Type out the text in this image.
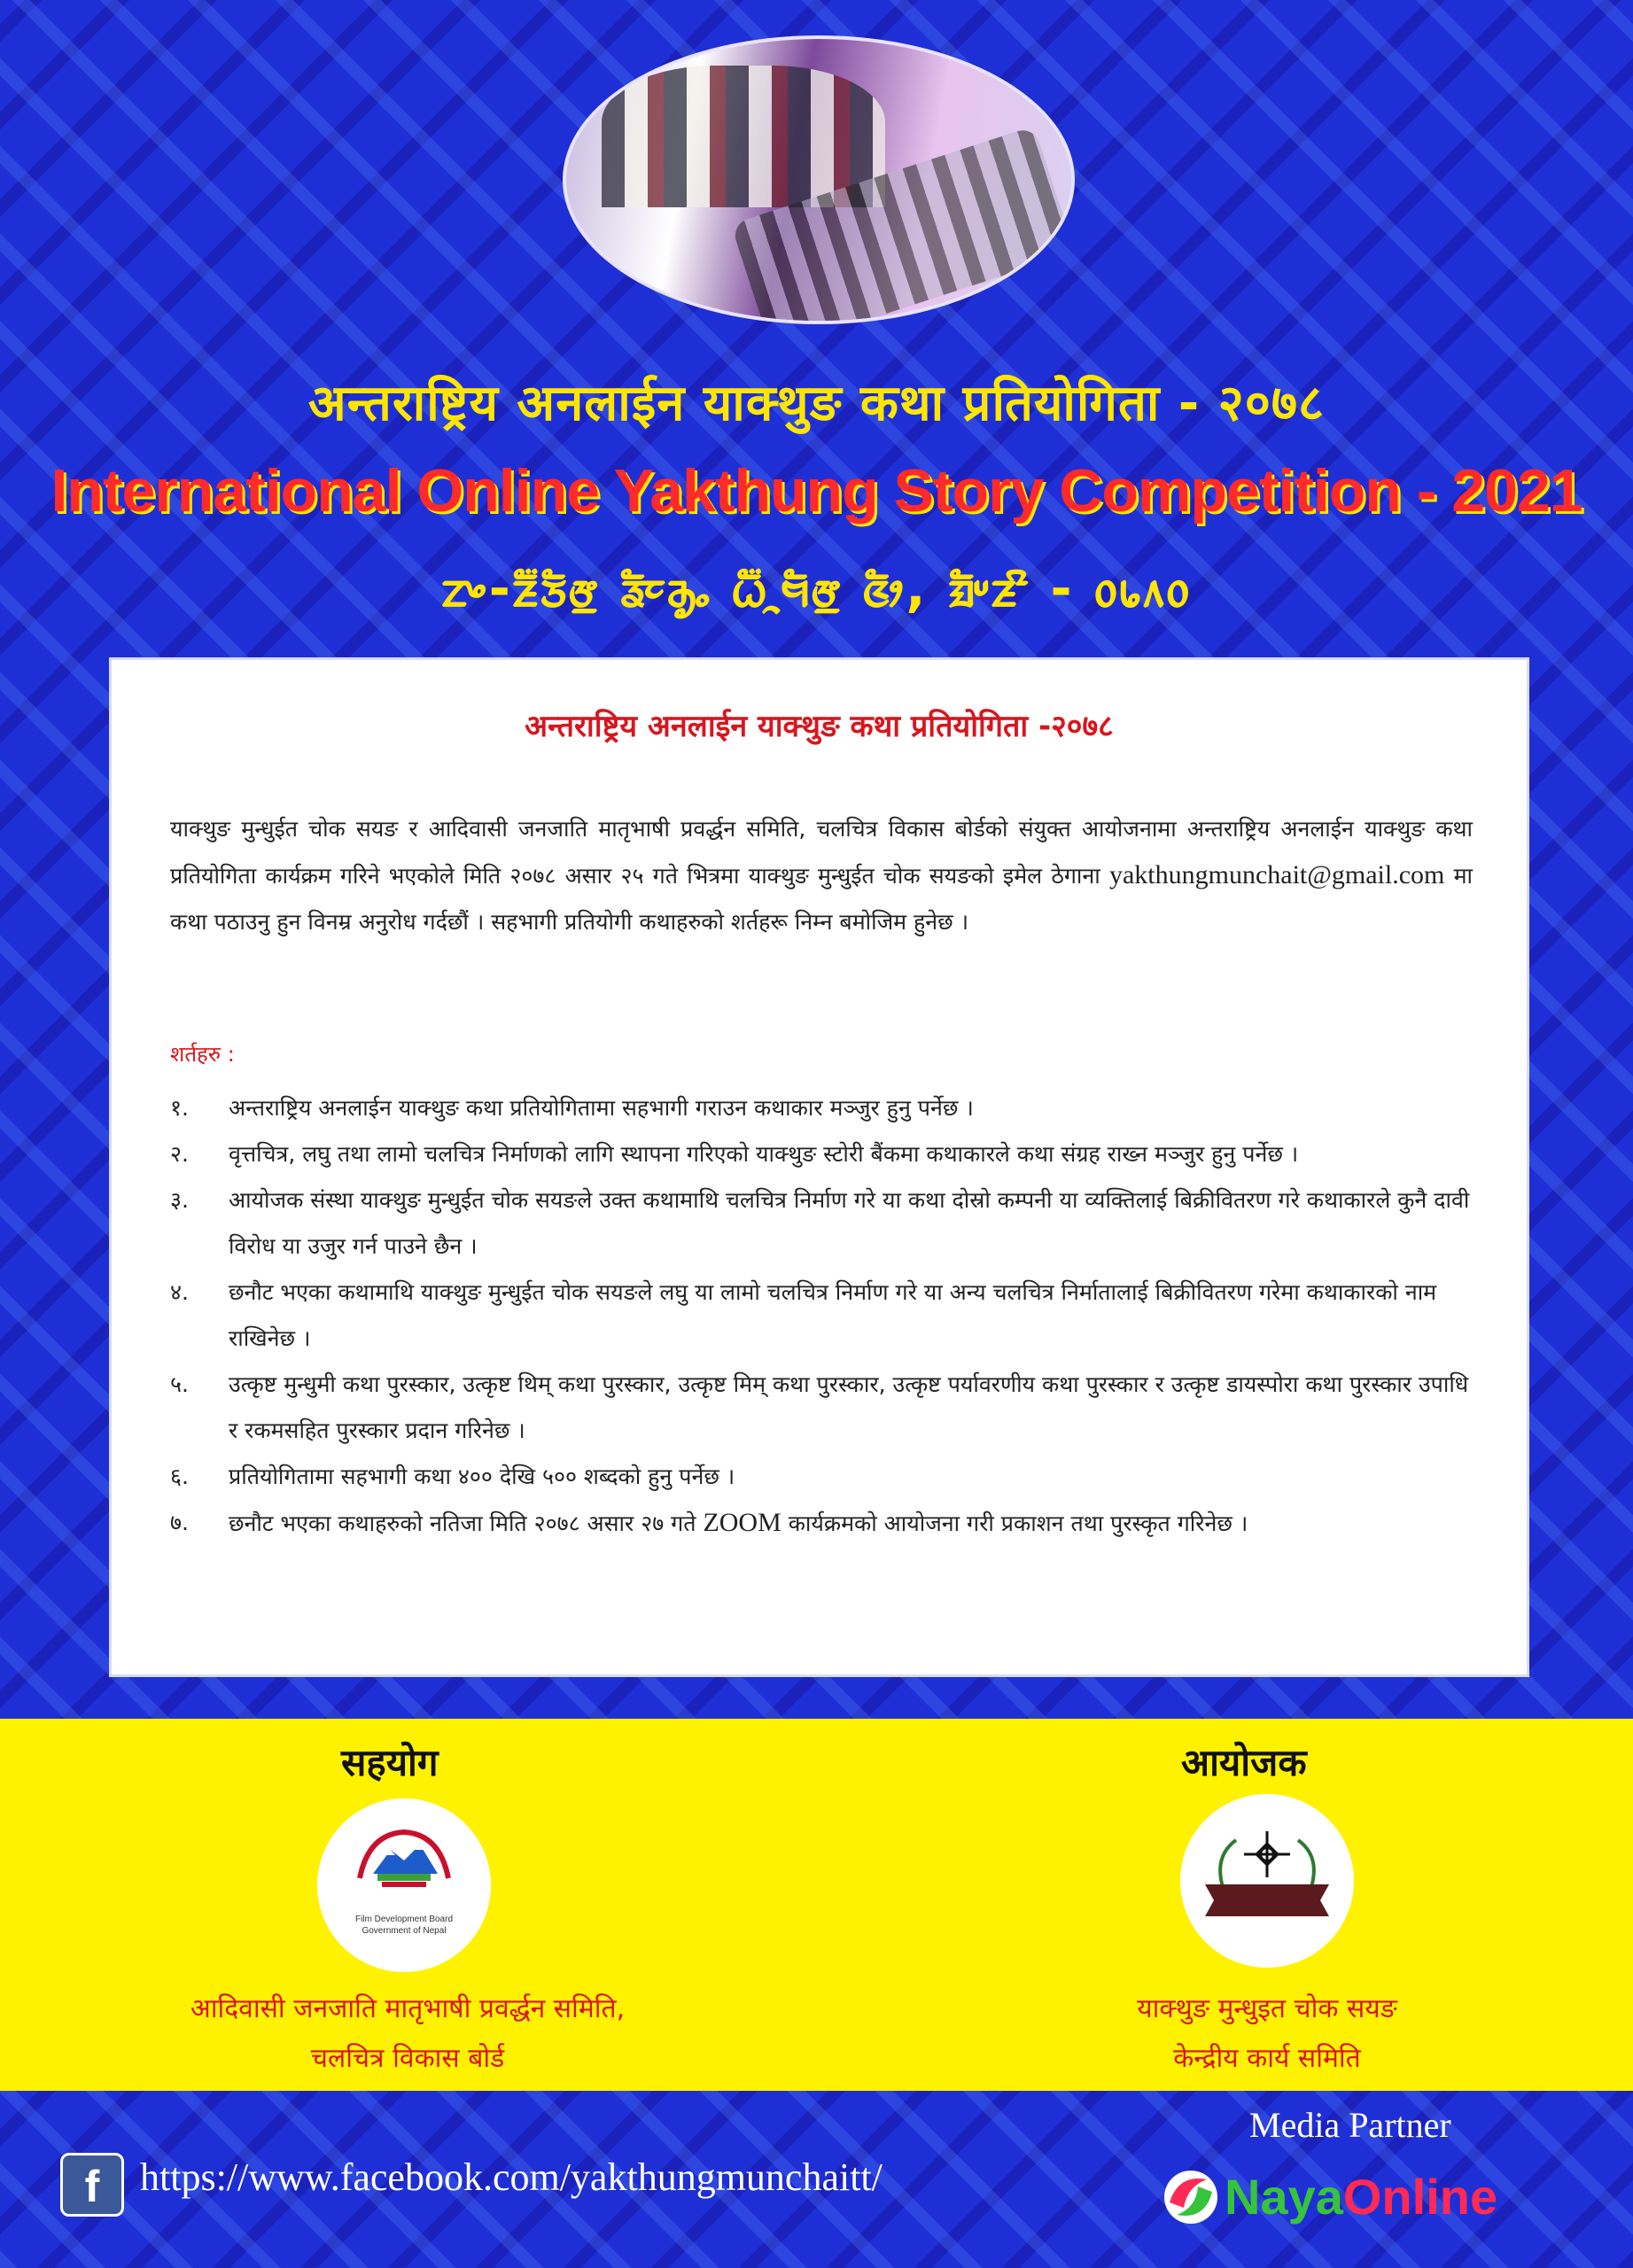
अन्तराष्ट्रिय अनलाईन याक्थुङ कथा प्रतियोगिता - २०७८
International Online Yakthung Story Competition - 2021
ᤁᤴ-ᤏᤠ᤺ᤍᤠᤅ᤻ ᤕᤠᤰᤌᤢᤱ ᤐᤠ᤺ᤳᤗᤠᤅ᤻ ᤜᤥ, ᤀᤠᤸᤏᤡ - ᥆᥇᥈᥆
अन्तराष्ट्रिय अनलाईन याक्थुङ कथा प्रतियोगिता -२०७८
याक्थुङ मुन्धुईत चोक सयङ र आदिवासी जनजाति मातृभाषी प्रवर्द्धन समिति, चलचित्र विकास बोर्डको संयुक्त आयोजनामा अन्तराष्ट्रिय अनलाईन याक्थुङ कथा प्रतियोगिता कार्यक्रम गरिने भएकोले मिति २०७८ असार २५ गते भित्रमा याक्थुङ मुन्धुईत चोक सयङको इमेल ठेगाना yakthungmunchait@gmail.com मा कथा पठाउनु हुन विनम्र अनुरोध गर्दछौं । सहभागी प्रतियोगी कथाहरुको शर्तहरू निम्न बमोजिम हुनेछ ।
शर्तहरु :
१. अन्तराष्ट्रिय अनलाईन याक्थुङ कथा प्रतियोगितामा सहभागी गराउन कथाकार मञ्जुर हुनु पर्नेछ ।
२. वृत्तचित्र, लघु तथा लामो चलचित्र निर्माणको लागि स्थापना गरिएको याक्थुङ स्टोरी बैंकमा कथाकारले कथा संग्रह राख्न मञ्जुर हुनु पर्नेछ ।
३. आयोजक संस्था याक्थुङ मुन्धुईत चोक सयङले उक्त कथामाथि चलचित्र निर्माण गरे या कथा दोस्रो कम्पनी या व्यक्तिलाई बिक्रीवितरण गरे कथाकारले कुनै दावी विरोध या उजुर गर्न पाउने छैन ।
४. छनौट भएका कथामाथि याक्थुङ मुन्धुईत चोक सयङले लघु या लामो चलचित्र निर्माण गरे या अन्य चलचित्र निर्मातालाई बिक्रीवितरण गरेमा कथाकारको नाम राखिनेछ ।
५. उत्कृष्ट मुन्धुमी कथा पुरस्कार, उत्कृष्ट थिम् कथा पुरस्कार, उत्कृष्ट मिम् कथा पुरस्कार, उत्कृष्ट पर्यावरणीय कथा पुरस्कार र उत्कृष्ट डायस्पोरा कथा पुरस्कार उपाधि र रकमसहित पुरस्कार प्रदान गरिनेछ ।
६. प्रतियोगितामा सहभागी कथा ४०० देखि ५०० शब्दको हुनु पर्नेछ ।
७. छनौट भएका कथाहरुको नतिजा मिति २०७८ असार २७ गते ZOOM कार्यक्रमको आयोजना गरी प्रकाशन तथा पुरस्कृत गरिनेछ ।
सहयोग	आयोजक
Film Development Board
Government of Nepal
आदिवासी जनजाति मातृभाषी प्रवर्द्धन समिति,
चलचित्र विकास बोर्ड
याक्थुङ मुन्धुइत चोक सयङ
केन्द्रीय कार्य समिति
Media Partner
f	https://www.facebook.com/yakthungmunchaitt/	NayaOnline
